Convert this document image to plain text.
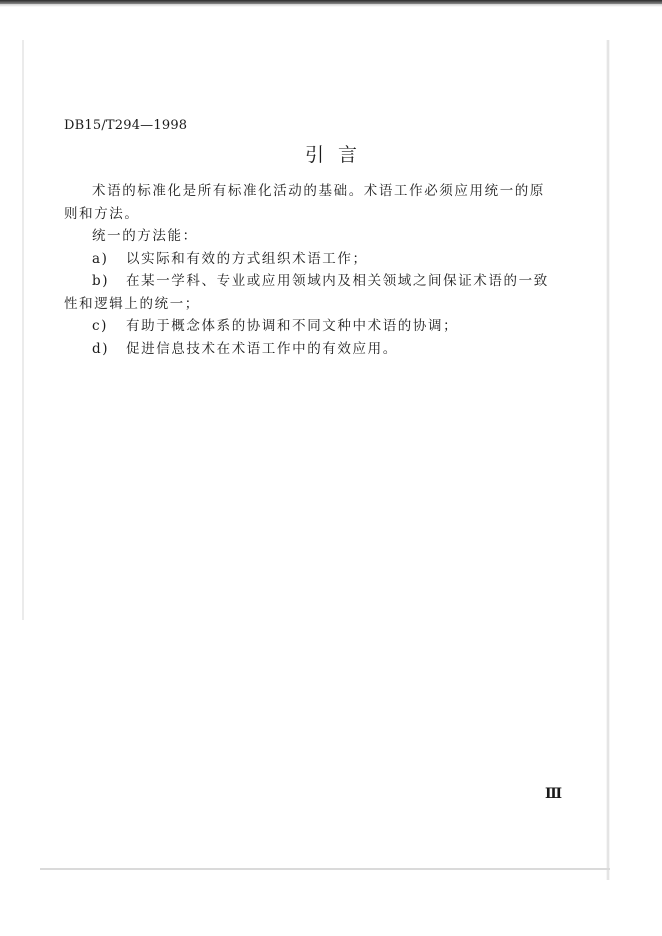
DB15/T294—1998
引言

术语的标准化是所有标准化活动的基础。术语工作必须应用统一的原则和方法。

统一的方法能：

a) 以实际和有效的方式组织术语工作；

b) 在某一学科、专业或应用领域内及相关领域之间保证术语的一致性和逻辑上的统一；

c) 有助于概念体系的协调和不同文种中术语的协调；

d) 促进信息技术在术语工作中的有效应用。

Ⅲ
